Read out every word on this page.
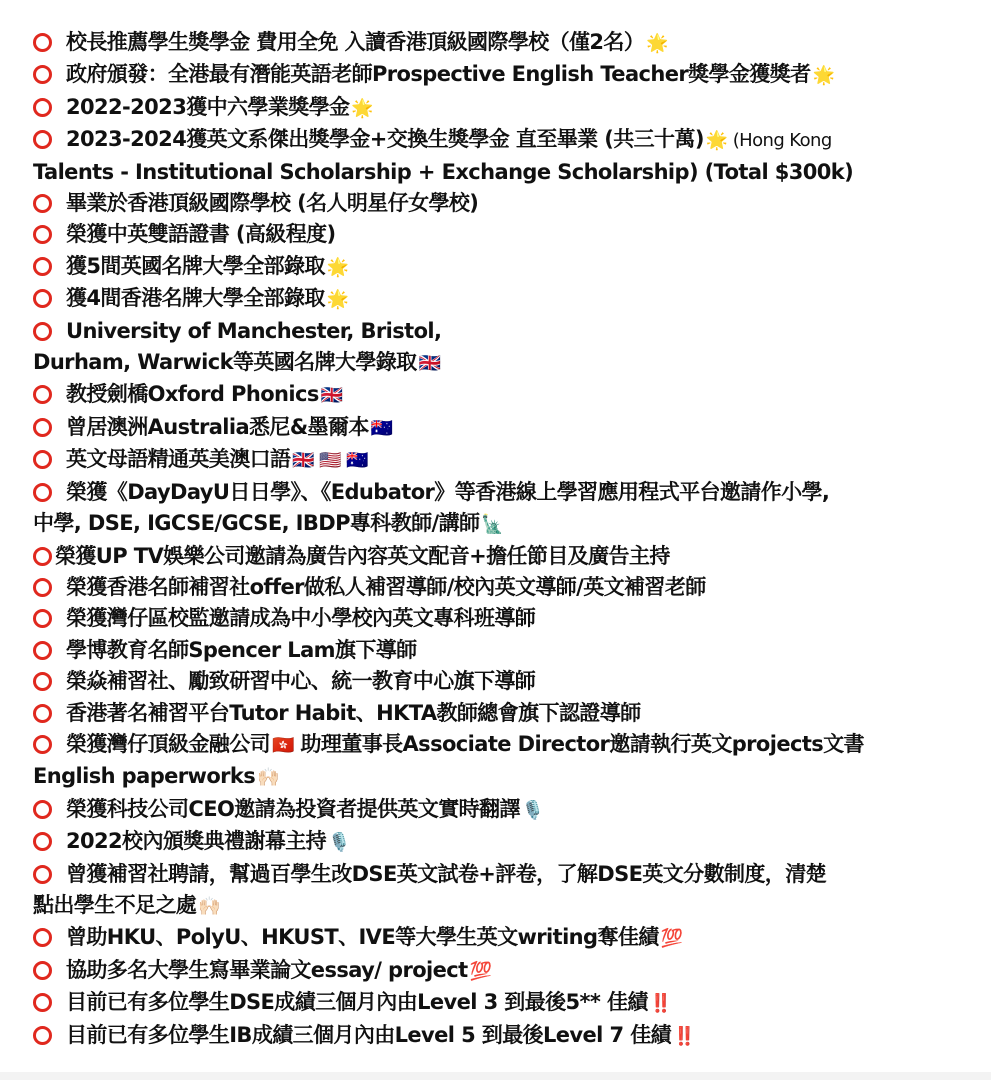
校長推薦學生獎學金 費用全免 入讀香港頂級國際學校（僅2名） 🌟
政府頒發：全港最有潛能英語老師Prospective English Teacher獎學金獲獎者 🌟
2022-2023獲中六學業獎學金 🌟
2023-2024獲英文系傑出獎學金+交換生獎學金 直至畢業 (共三十萬) 🌟 (Hong Kong
Talents - Institutional Scholarship + Exchange Scholarship) (Total $300k)
畢業於香港頂級國際學校 (名人明星仔女學校)
榮獲中英雙語證書 (高級程度)
獲5間英國名牌大學全部錄取 🌟
獲4間香港名牌大學全部錄取 🌟
University of Manchester, Bristol,
Durham, Warwick等英國名牌大學錄取 🇬🇧
教授劍橋Oxford Phonics 🇬🇧
曾居澳洲Australia悉尼&墨爾本 🇦🇺
英文母語精通英美澳口語 🇬🇧 🇺🇸 🇦🇺
榮獲《DayDayU日日學》、《Edubator》等香港線上學習應用程式平台邀請作小學,
中學, DSE, IGCSE/GCSE, IBDP專科教師/講師 🗽
榮獲UP TV娛樂公司邀請為廣告內容英文配音+擔任節目及廣告主持
榮獲香港名師補習社offer做私人補習導師/校內英文導師/英文補習老師
榮獲灣仔區校監邀請成為中小學校內英文專科班導師
學博教育名師Spencer Lam旗下導師
榮焱補習社、勵致研習中心、統一教育中心旗下導師
香港著名補習平台Tutor Habit、HKTA教師總會旗下認證導師
榮獲灣仔頂級金融公司 🇭🇰 助理董事長Associate Director邀請執行英文projects文書
English paperworks 🙌🏻
榮獲科技公司CEO邀請為投資者提供英文實時翻譯 🎙️
2022校內頒獎典禮謝幕主持 🎙️
曾獲補習社聘請，幫過百學生改DSE英文試卷+評卷，了解DSE英文分數制度，清楚
點出學生不足之處 🙌🏻
曾助HKU、PolyU、HKUST、IVE等大學生英文writing奪佳績 💯
協助多名大學生寫畢業論文essay/ project 💯
目前已有多位學生DSE成績三個月內由Level 3 到最後5** 佳績 ‼️
目前已有多位學生IB成績三個月內由Level 5 到最後Level 7 佳績 ‼️
